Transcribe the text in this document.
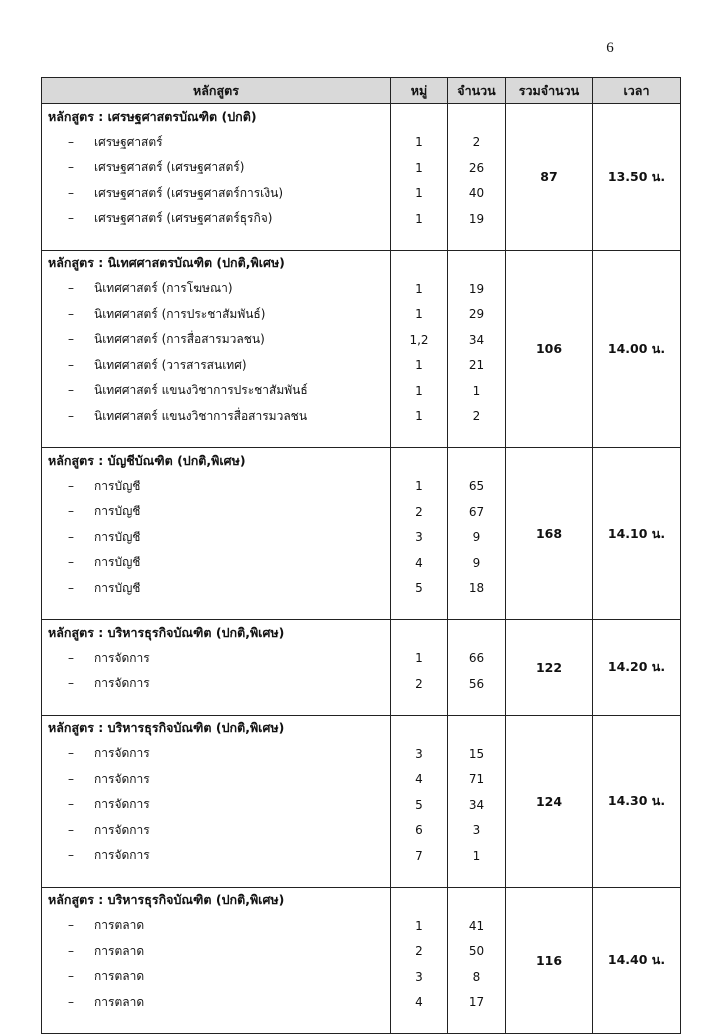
6
หลักสูตร	หมู่	จำนวน	รวมจำนวน	เวลา
หลักสูตร : เศรษฐศาสตรบัณฑิต (ปกติ)			87	13.50 น.
– เศรษฐศาสตร์	1	2		
– เศรษฐศาสตร์ (เศรษฐศาสตร์)	1	26		
– เศรษฐศาสตร์ (เศรษฐศาสตร์การเงิน)	1	40		
– เศรษฐศาสตร์ (เศรษฐศาสตร์ธุรกิจ)	1	19		

หลักสูตร : นิเทศศาสตรบัณฑิต (ปกติ,พิเศษ)			106	14.00 น.
– นิเทศศาสตร์ (การโฆษณา)	1	19		
– นิเทศศาสตร์ (การประชาสัมพันธ์)	1	29		
– นิเทศศาสตร์ (การสื่อสารมวลชน)	1,2	34		
– นิเทศศาสตร์ (วารสารสนเทศ)	1	21		
– นิเทศศาสตร์ แขนงวิชาการประชาสัมพันธ์	1	1		
– นิเทศศาสตร์ แขนงวิชาการสื่อสารมวลชน	1	2		

หลักสูตร : บัญชีบัณฑิต (ปกติ,พิเศษ)			168	14.10 น.
– การบัญชี	1	65		
– การบัญชี	2	67		
– การบัญชี	3	9		
– การบัญชี	4	9		
– การบัญชี	5	18		

หลักสูตร : บริหารธุรกิจบัณฑิต (ปกติ,พิเศษ)			122	14.20 น.
– การจัดการ	1	66		
– การจัดการ	2	56		

หลักสูตร : บริหารธุรกิจบัณฑิต (ปกติ,พิเศษ)			124	14.30 น.
– การจัดการ	3	15		
– การจัดการ	4	71		
– การจัดการ	5	34		
– การจัดการ	6	3		
– การจัดการ	7	1		

หลักสูตร : บริหารธุรกิจบัณฑิต (ปกติ,พิเศษ)			116	14.40 น.
– การตลาด	1	41		
– การตลาด	2	50		
– การตลาด	3	8		
– การตลาด	4	17		
